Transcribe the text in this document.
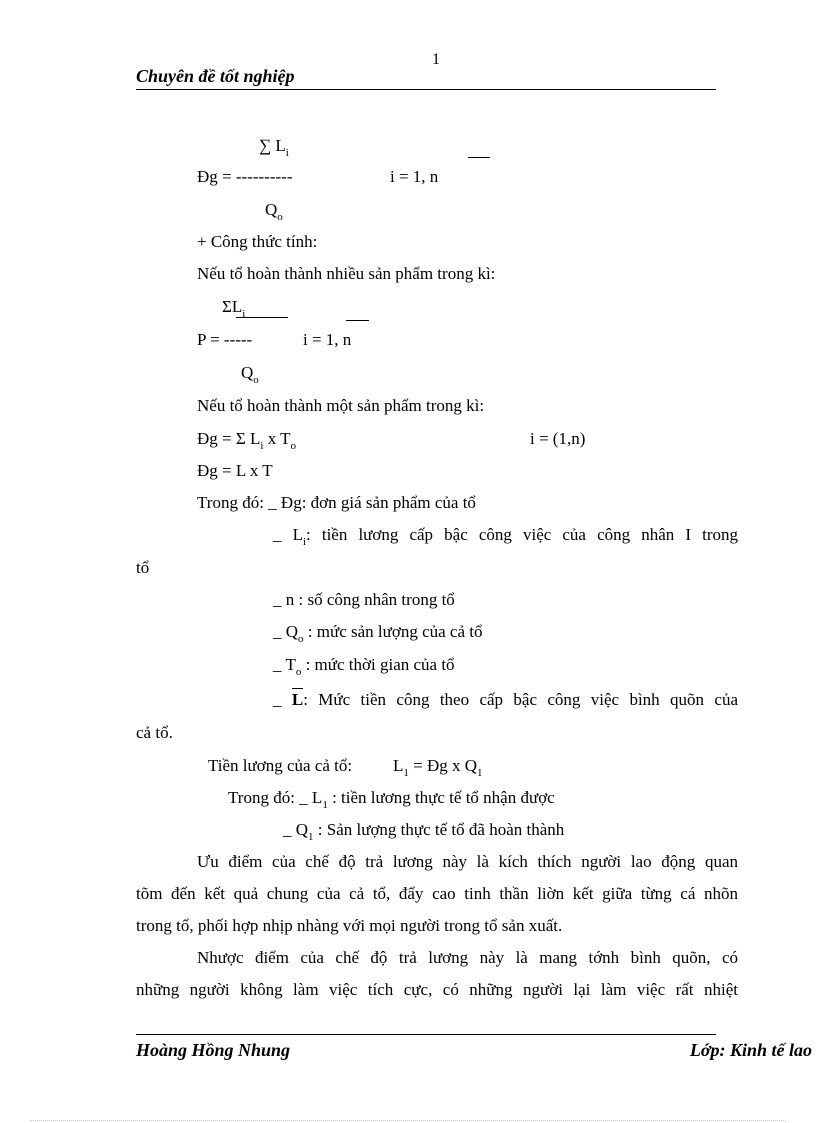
1
Chuyên đề tốt nghiệp
∑ $L_i$
Đg = ----------	i = 1, n
$Q_o$
+ Công thức tính:
Nếu tổ hoàn thành nhiều sản phẩm trong kì:
$\Sigma L_i$
P = -----	i = 1, n
$Q_o$
Nếu tổ hoàn thành một sản phẩm trong kì:
Đg = Σ $L_i$ x $T_o$	i = (1,n)
Đg = L x T
Trong đó: _ Đg: đơn giá sản phẩm của tổ
_ $L_i$: tiền lương cấp bậc công việc của công nhân I trong
tổ
_ n : số công nhân trong tổ
_ $Q_o$ : mức sản lượng của cả tổ
_ $T_o$ : mức thời gian của tổ
_ L: Mức tiền công theo cấp bậc công việc bình quõn của
cả tổ.
Tiền lương của cả tổ: $L_1$ = Đg x $Q_1$
Trong đó: _ $L_1$ : tiền lương thực tế tổ nhận được
_ $Q_1$ : Sản lượng thực tế tổ đã hoàn thành
Ưu điểm của chế độ trả lương này là kích thích người lao động quan
tõm đến kết quả chung của cả tổ, đẩy cao tinh thần liờn kết giữa từng cá nhõn
trong tổ, phối hợp nhịp nhàng với mọi người trong tổ sản xuất.
Nhược điểm của chế độ trả lương này là mang tớnh bình quõn, có
những người không làm việc tích cực, có những người lại làm việc rất nhiệt
Hoàng Hồng Nhung	Lớp: Kinh tế lao
